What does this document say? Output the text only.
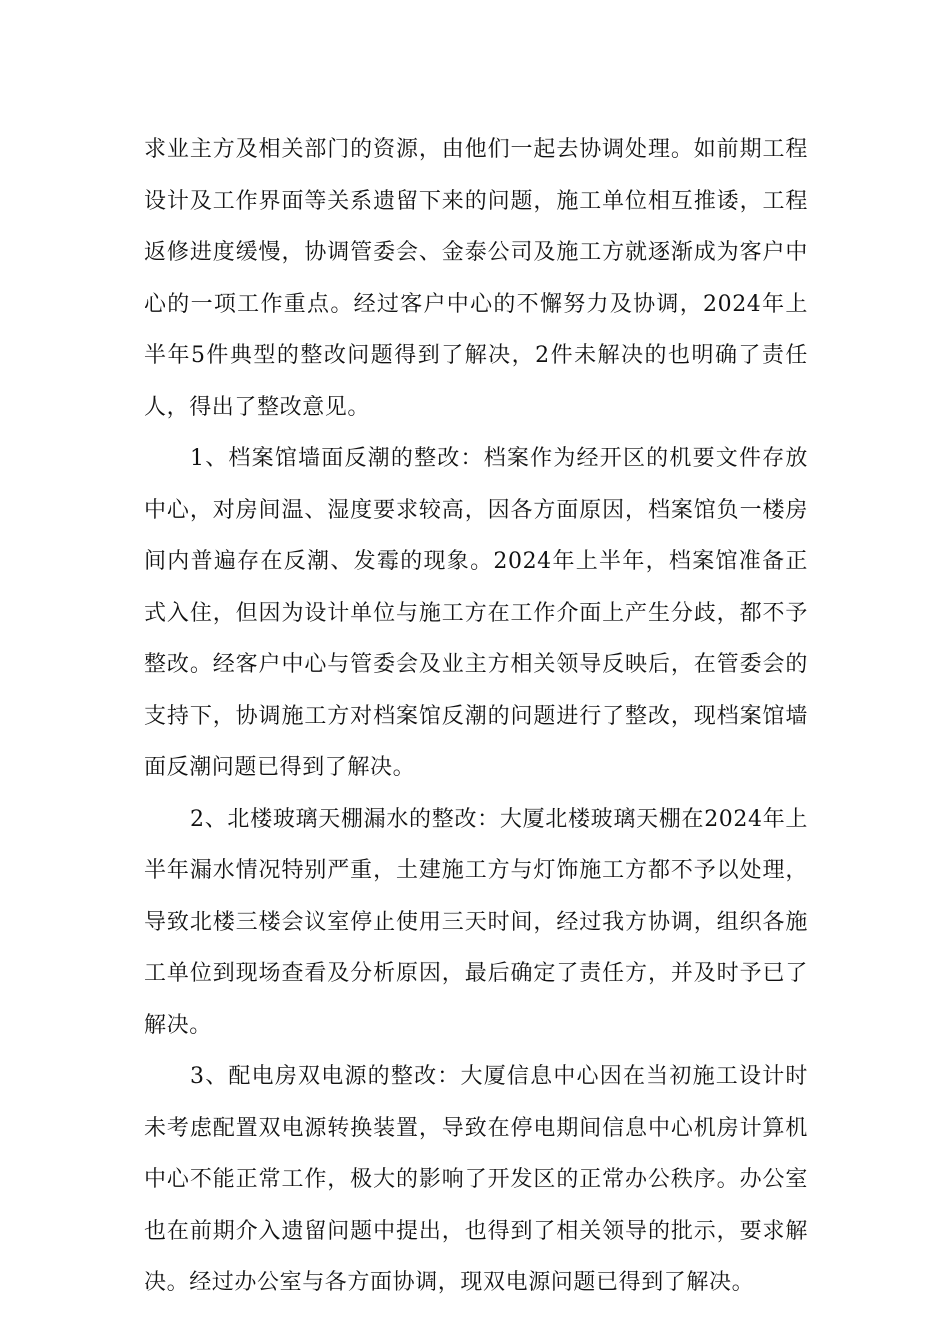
求业主方及相关部门的资源，由他们一起去协调处理。如前期工程设计及工作界面等关系遗留下来的问题，施工单位相互推诿，工程返修进度缓慢，协调管委会、金泰公司及施工方就逐渐成为客户中心的一项工作重点。经过客户中心的不懈努力及协调，2024年上半年5件典型的整改问题得到了解决，2件未解决的也明确了责任人，得出了整改意见。

1、档案馆墙面反潮的整改：档案作为经开区的机要文件存放中心，对房间温、湿度要求较高，因各方面原因，档案馆负一楼房间内普遍存在反潮、发霉的现象。2024年上半年，档案馆准备正式入住，但因为设计单位与施工方在工作介面上产生分歧，都不予整改。经客户中心与管委会及业主方相关领导反映后，在管委会的支持下，协调施工方对档案馆反潮的问题进行了整改，现档案馆墙面反潮问题已得到了解决。

2、北楼玻璃天棚漏水的整改：大厦北楼玻璃天棚在2024年上半年漏水情况特别严重，土建施工方与灯饰施工方都不予以处理，导致北楼三楼会议室停止使用三天时间，经过我方协调，组织各施工单位到现场查看及分析原因，最后确定了责任方，并及时予已了解决。

3、配电房双电源的整改：大厦信息中心因在当初施工设计时未考虑配置双电源转换装置，导致在停电期间信息中心机房计算机中心不能正常工作，极大的影响了开发区的正常办公秩序。办公室也在前期介入遗留问题中提出，也得到了相关领导的批示，要求解决。经过办公室与各方面协调，现双电源问题已得到了解决。
